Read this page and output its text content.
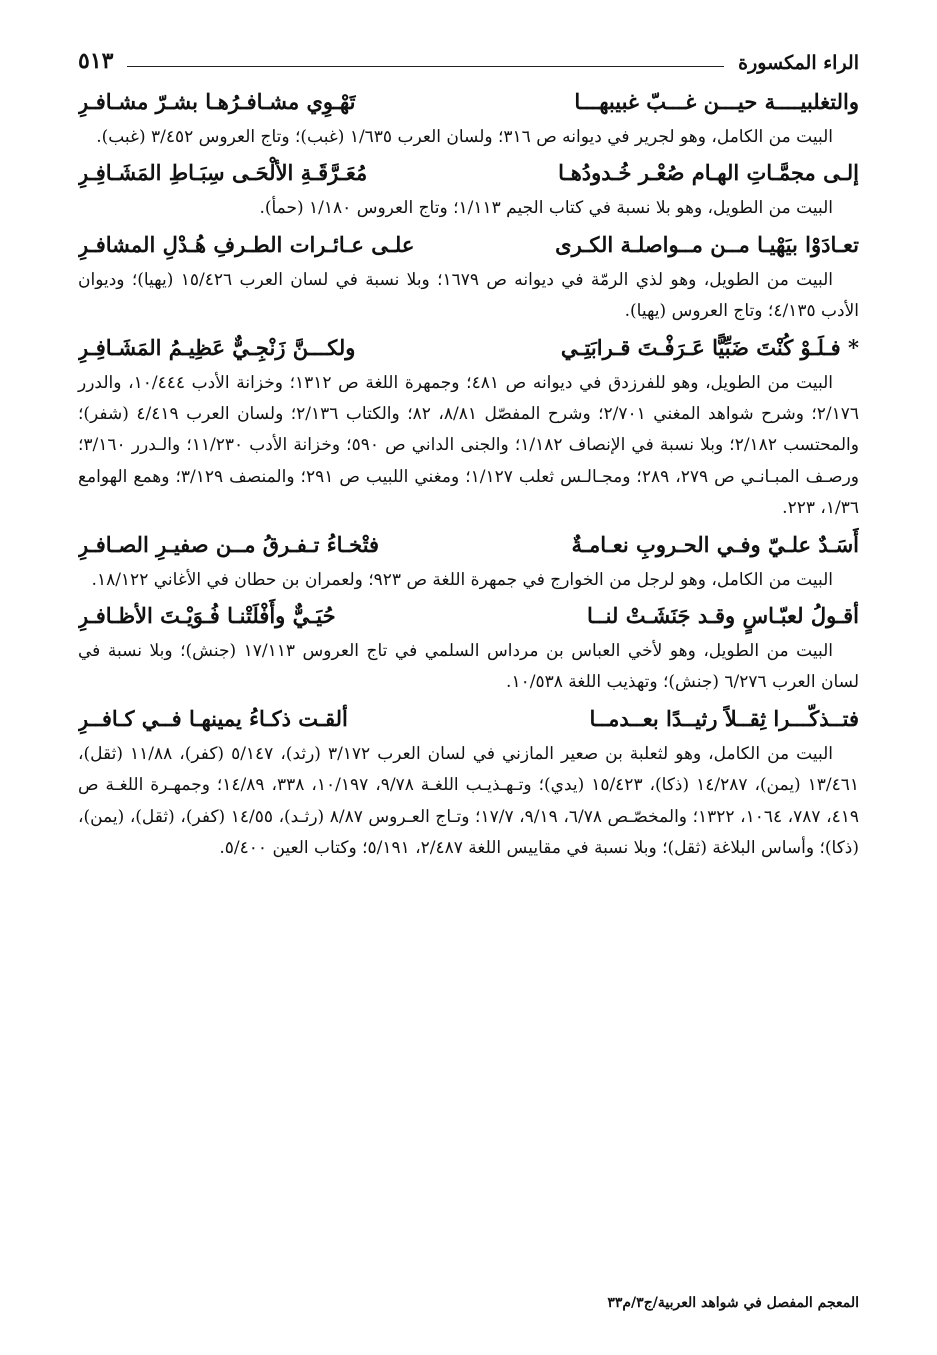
الراء المكسورة
٥١٣
والتغلبيــــة حيـــن غـــبّ غبيبهـــا
تَهْـوِي مشـافـرُهـا بشـرّ مشـافـرِ

البيت من الكامل، وهو لجرير في ديوانه ص ٣١٦؛ ولسان العرب ١/٦٣٥ (غبب)؛ وتاج العروس ٣/٤٥٢ (غبب).

إلـى مجمَّـاتِ الهـام صُعْـر خُـدودُهـا
مُعَـرَّقَـةِ الألْحَـى سِبَـاطِ المَشَـافِـرِ

البيت من الطويل، وهو بلا نسبة في كتاب الجيم ١/١١٣؛ وتاج العروس ١/١٨٠ (حمأ).

تعـادَوْا بيَهْيـا مــن مــواصلـة الكـرى
علـى عـائـرات الطـرفِ هُـدْلِ المشافـرِ

البيت من الطويل، وهو لذي الرمّة في ديوانه ص ١٦٧٩؛ وبلا نسبة في لسان العرب ١٥/٤٢٦ (يهيا)؛ وديوان الأدب ٤/١٣٥؛ وتاج العروس (يهيا).

* فـلَـوْ كُنْتَ ضَبِّيًّا عَـرَفْـتَ قـرابَتِـي
ولكـــنَّ زَنْجِـيٌّ عَظِيـمُ المَشَـافِـرِ

البيت من الطويل، وهو للفرزدق في ديوانه ص ٤٨١؛ وجمهرة اللغة ص ١٣١٢؛ وخزانة الأدب ١٠/٤٤٤، والدرر ٢/١٧٦؛ وشرح شواهد المغني ٢/٧٠١؛ وشرح المفصّل ٨/٨١، ٨٢؛ والكتاب ٢/١٣٦؛ ولسان العرب ٤/٤١٩ (شفر)؛ والمحتسب ٢/١٨٢؛ وبلا نسبة في الإنصاف ١/١٨٢؛ والجنى الداني ص ٥٩٠؛ وخزانة الأدب ١١/٢٣٠؛ والـدرر ٣/١٦٠؛ ورصـف المبـانـي ص ٢٧٩، ٢٨٩؛ ومجـالـس ثعلب ١/١٢٧؛ ومغني اللبيب ص ٢٩١؛ والمنصف ٣/١٢٩؛ وهمع الهوامع ١/٣٦، ٢٢٣.

أَسَـدٌ علـيّ وفـي الحـروبِ نعـامـةٌ
فتْخـاءُ تـفـرقُ مــن صفيـرِ الصـافـرِ

البيت من الكامل، وهو لرجل من الخوارج في جمهرة اللغة ص ٩٢٣؛ ولعمران بن حطان في الأغاني ١٨/١٢٢.

أقـولُ لعبّـاسٍ وقـد جَنَشَـتْ لنــا
حُيَـيٌّ وأَفْلَتْنـا فُـوَيْـتَ الأظـافـرِ

البيت من الطويل، وهو لأخي العباس بن مرداس السلمي في تاج العروس ١٧/١١٣ (جنش)؛ وبلا نسبة في لسان العرب ٦/٢٧٦ (جنش)؛ وتهذيب اللغة ١٠/٥٣٨.

فتــذكّـــرا ثِقــلاً رثيــدًا بعــدمــا
ألقـت ذكـاءُ يمينهـا فــي كـافــرِ

البيت من الكامل، وهو لثعلبة بن صعير المازني في لسان العرب ٣/١٧٢ (رثد)، ٥/١٤٧ (كفر)، ١١/٨٨ (ثقل)، ١٣/٤٦١ (يمن)، ١٤/٢٨٧ (ذكا)، ١٥/٤٢٣ (يدي)؛ وتـهـذيـب اللغـة ٩/٧٨، ١٠/١٩٧، ٣٣٨، ١٤/٨٩؛ وجمهـرة اللغـة ص ٤١٩، ٧٨٧، ١٠٦٤، ١٣٢٢؛ والمخصّـص ٦/٧٨، ٩/١٩، ١٧/٧؛ وتـاج العـروس ٨/٨٧ (رثـد)، ١٤/٥٥ (كفر)، (ثقل)، (يمن)، (ذكا)؛ وأساس البلاغة (ثقل)؛ وبلا نسبة في مقاييس اللغة ٢/٤٨٧، ٥/١٩١؛ وكتاب العين ٥/٤٠٠.

المعجم المفصل في شواهد العربية/ج٣/م٣٣
